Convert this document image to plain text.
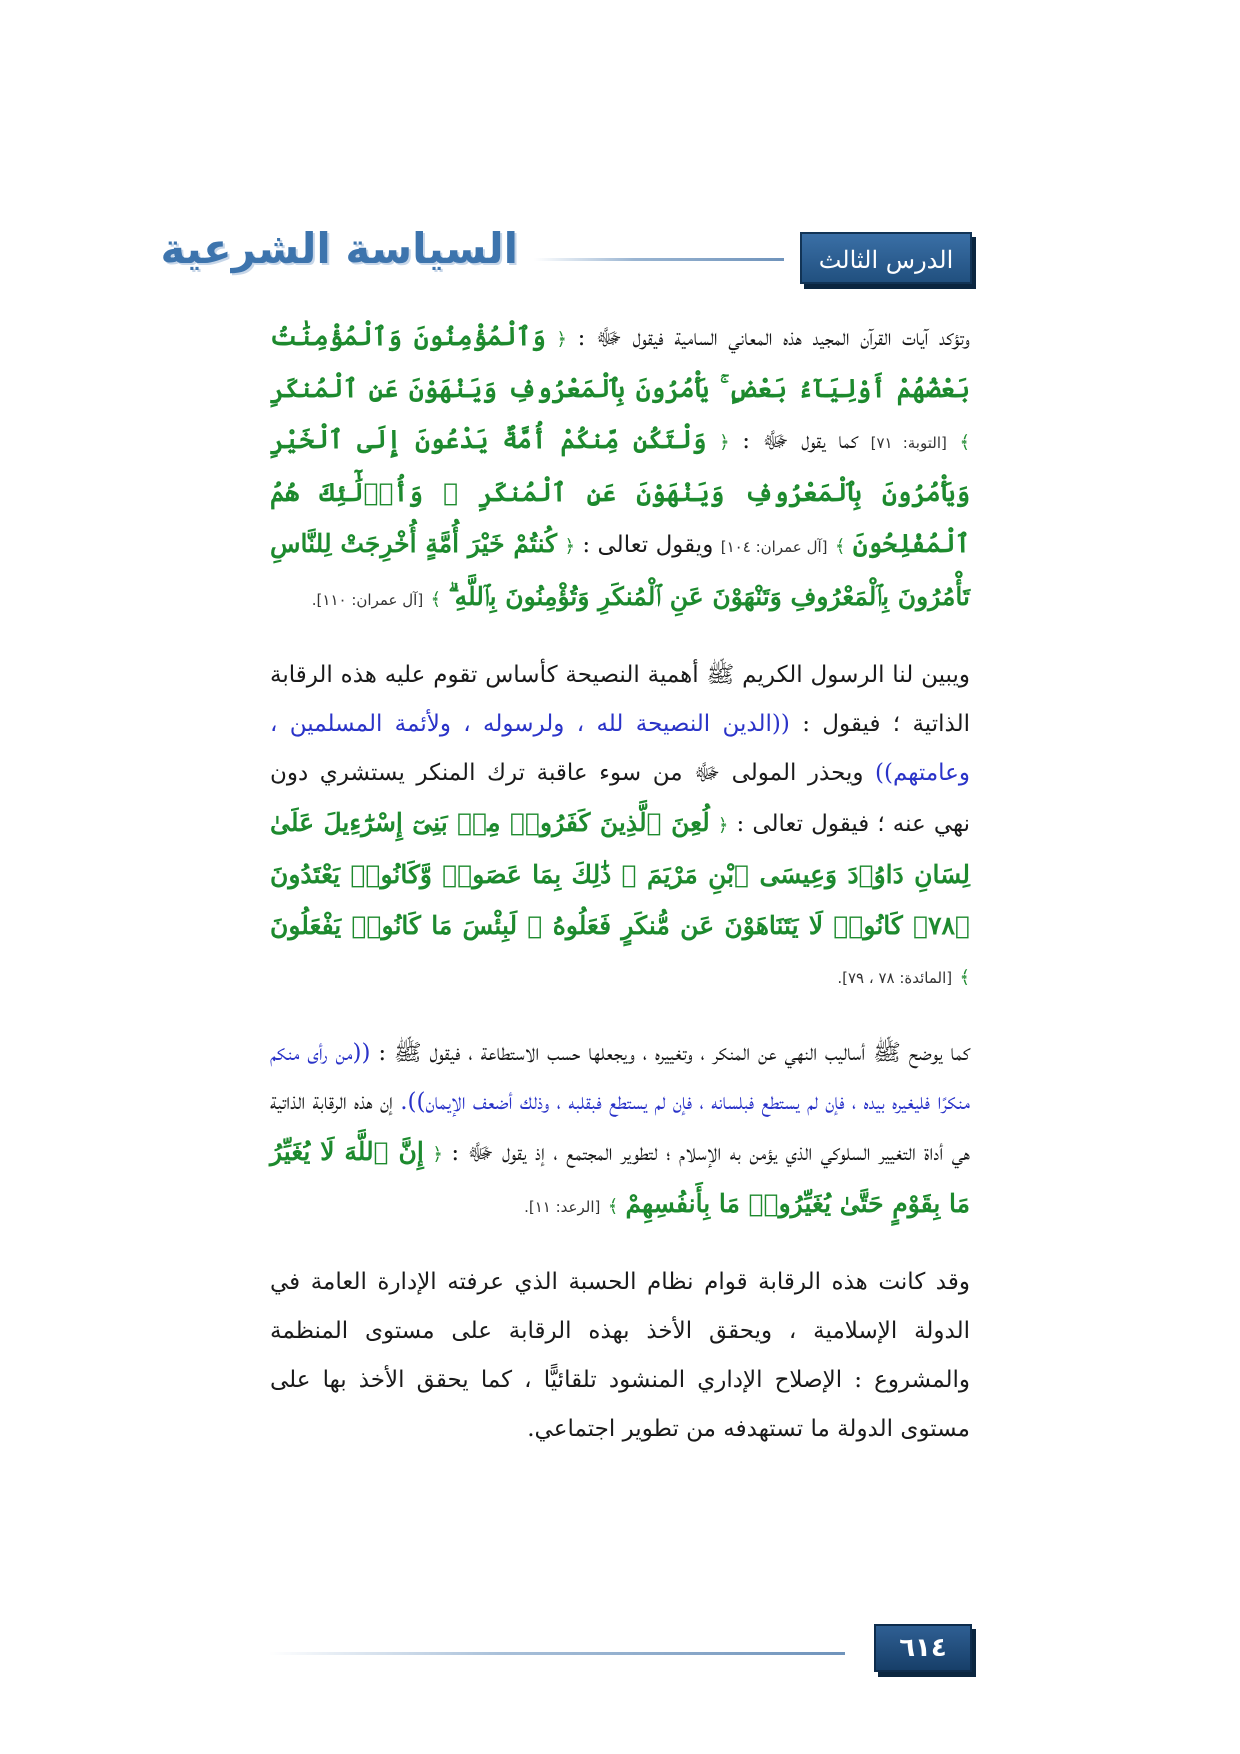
الدرس الثالث عشر
السياسة الشرعية

وتؤكد آيات القرآن المجيد هذه المعاني السامية فيقول ﷻ : ﴿ وَٱلْمُؤْمِنُونَ وَٱلْمُؤْمِنَٰتُ بَعْضُهُمْ أَوْلِيَآءُ بَعْضٍ ۚ يَأْمُرُونَ بِٱلْمَعْرُوفِ وَيَنْهَوْنَ عَنِ ٱلْمُنكَرِ ﴾ [التوبة: ٧١] كما يقول ﷻ : ﴿ وَلْتَكُن مِّنكُمْ أُمَّةٌ يَدْعُونَ إِلَى ٱلْخَيْرِ وَيَأْمُرُونَ بِٱلْمَعْرُوفِ وَيَنْهَوْنَ عَنِ ٱلْمُنكَرِ ۚ وَأُو۟لَٰٓئِكَ هُمُ ٱلْمُفْلِحُونَ ﴾ [آل عمران: ١٠٤] ويقول تعالى : ﴿ كُنتُمْ خَيْرَ أُمَّةٍ أُخْرِجَتْ لِلنَّاسِ تَأْمُرُونَ بِٱلْمَعْرُوفِ وَتَنْهَوْنَ عَنِ ٱلْمُنكَرِ وَتُؤْمِنُونَ بِٱللَّهِ ۗ ﴾ [آل عمران: ١١٠].

ويبين لنا الرسول الكريم ﷺ أهمية النصيحة كأساس تقوم عليه هذه الرقابة الذاتية ؛ فيقول : ((الدين النصيحة لله ، ولرسوله ، ولأئمة المسلمين ، وعامتهم)) ويحذر المولى ﷻ من سوء عاقبة ترك المنكر يستشري دون نهي عنه ؛ فيقول تعالى : ﴿ لُعِنَ ٱلَّذِينَ كَفَرُوا۟ مِنۢ بَنِىٓ إِسْرَٰٓءِيلَ عَلَىٰ لِسَانِ دَاوُۥدَ وَعِيسَى ٱبْنِ مَرْيَمَ ۚ ذَٰلِكَ بِمَا عَصَوا۟ وَّكَانُوا۟ يَعْتَدُونَ ﴿٧٨﴾ كَانُوا۟ لَا يَتَنَاهَوْنَ عَن مُّنكَرٍ فَعَلُوهُ ۚ لَبِئْسَ مَا كَانُوا۟ يَفْعَلُونَ ﴾ [المائدة: ٧٨ ، ٧٩].

كما يوضح ﷺ أساليب النهي عن المنكر ، وتغييره ، ويجعلها حسب الاستطاعة ، فيقول ﷺ : ((من رأى منكم منكرًا فليغيره بيده ، فإن لم يستطع فبلسانه ، فإن لم يستطع فبقلبه ، وذلك أضعف الإيمان)). إن هذه الرقابة الذاتية هي أداة التغيير السلوكي الذي يؤمن به الإسلام ؛ لتطوير المجتمع ، إذ يقول ﷻ : ﴿ إِنَّ ٱللَّهَ لَا يُغَيِّرُ مَا بِقَوْمٍ حَتَّىٰ يُغَيِّرُوا۟ مَا بِأَنفُسِهِمْ ﴾ [الرعد: ١١].

وقد كانت هذه الرقابة قوام نظام الحسبة الذي عرفته الإدارة العامة في الدولة الإسلامية ، ويحقق الأخذ بهذه الرقابة على مستوى المنظمة والمشروع : الإصلاح الإداري المنشود تلقائيًّا ، كما يحقق الأخذ بها على مستوى الدولة ما تستهدفه من تطوير اجتماعي.

٦١٤
